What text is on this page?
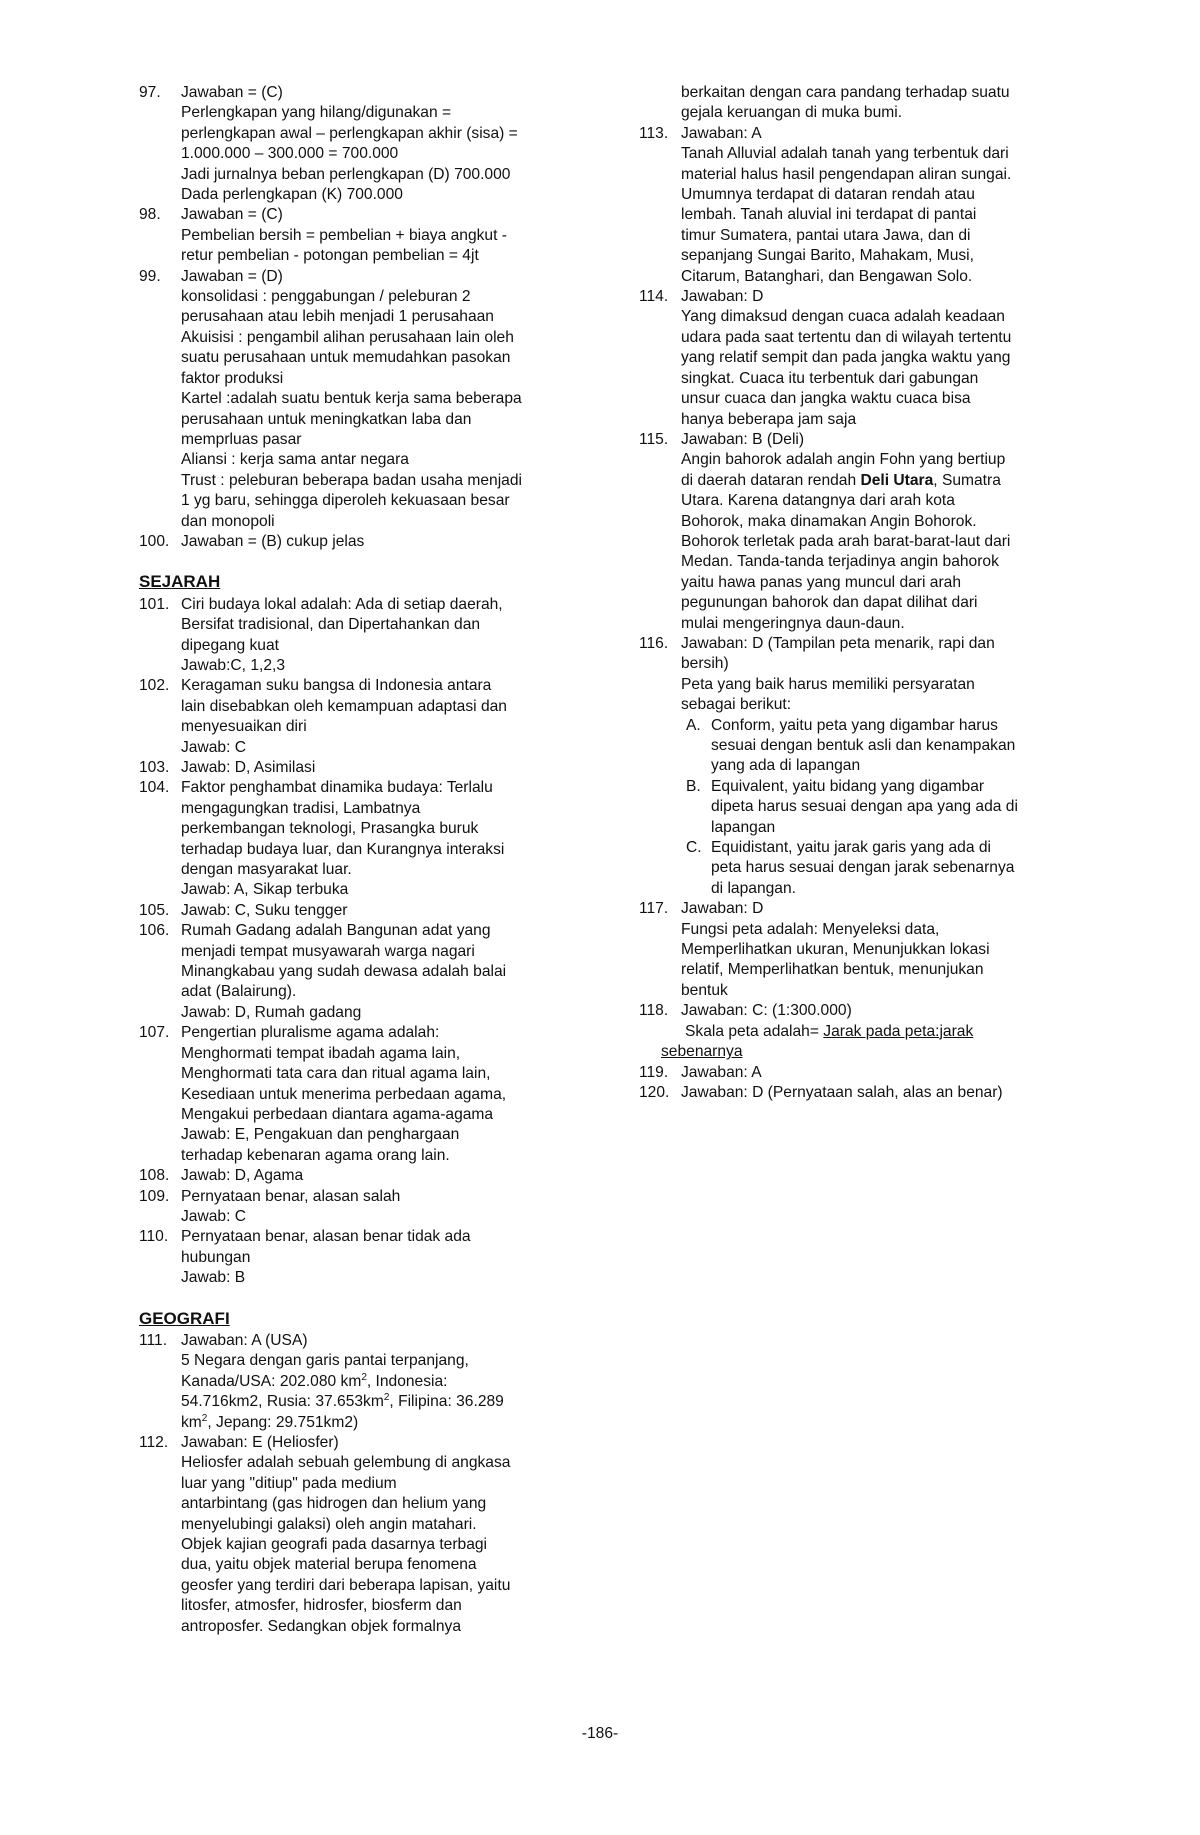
97. Jawaban = (C)
Perlengkapan yang hilang/digunakan =
perlengkapan awal – perlengkapan akhir (sisa) =
1.000.000 – 300.000 = 700.000
Jadi jurnalnya beban perlengkapan (D) 700.000
Dada perlengkapan (K) 700.000
98. Jawaban = (C)
Pembelian bersih = pembelian + biaya angkut -
retur pembelian - potongan pembelian = 4jt
99. Jawaban = (D)
konsolidasi : penggabungan / peleburan 2
perusahaan atau lebih menjadi 1 perusahaan
Akuisisi : pengambil alihan perusahaan lain oleh
suatu perusahaan untuk memudahkan pasokan
faktor produksi
Kartel :adalah suatu bentuk kerja sama beberapa
perusahaan untuk meningkatkan laba dan
memprluas pasar
Aliansi : kerja sama antar negara
Trust : peleburan beberapa badan usaha menjadi
1 yg baru, sehingga diperoleh kekuasaan besar
dan monopoli
100. Jawaban = (B) cukup jelas
SEJARAH
101. Ciri budaya lokal adalah: Ada di setiap daerah,
Bersifat tradisional, dan Dipertahankan dan
dipegang kuat
Jawab:C, 1,2,3
102. Keragaman suku bangsa di Indonesia antara
lain disebabkan oleh kemampuan adaptasi dan
menyesuaikan diri
Jawab: C
103. Jawab: D, Asimilasi
104. Faktor penghambat dinamika budaya: Terlalu
mengagungkan tradisi, Lambatnya
perkembangan teknologi, Prasangka buruk
terhadap budaya luar, dan Kurangnya interaksi
dengan masyarakat luar.
Jawab: A, Sikap terbuka
105. Jawab: C, Suku tengger
106. Rumah Gadang adalah Bangunan adat yang
menjadi tempat musyawarah warga nagari
Minangkabau yang sudah dewasa adalah balai
adat (Balairung).
Jawab: D, Rumah gadang
107. Pengertian pluralisme agama adalah:
Menghormati tempat ibadah agama lain,
Menghormati tata cara dan ritual agama lain,
Kesediaan untuk menerima perbedaan agama,
Mengakui perbedaan diantara agama-agama
Jawab: E, Pengakuan dan penghargaan
terhadap kebenaran agama orang lain.
108. Jawab: D, Agama
109. Pernyataan benar, alasan salah
Jawab: C
110. Pernyataan benar, alasan benar tidak ada
hubungan
Jawab: B
GEOGRAFI
111. Jawaban: A (USA)
5 Negara dengan garis pantai terpanjang,
Kanada/USA: 202.080 $km^2$, Indonesia:
54.716km2, Rusia: $37.653km^2$, Filipina: 36.289
$km^2$, Jepang: 29.751km2)
112. Jawaban: E (Heliosfer)
Heliosfer adalah sebuah gelembung di angkasa
luar yang "ditiup" pada medium
antarbintang (gas hidrogen dan helium yang
menyelubingi galaksi) oleh angin matahari.
Objek kajian geografi pada dasarnya terbagi
dua, yaitu objek material berupa fenomena
geosfer yang terdiri dari beberapa lapisan, yaitu
litosfer, atmosfer, hidrosfer, biosferm dan
antroposfer. Sedangkan objek formalnya
berkaitan dengan cara pandang terhadap suatu
gejala keruangan di muka bumi.
113. Jawaban: A
Tanah Alluvial adalah tanah yang terbentuk dari
material halus hasil pengendapan aliran sungai.
Umumnya terdapat di dataran rendah atau
lembah. Tanah aluvial ini terdapat di pantai
timur Sumatera, pantai utara Jawa, dan di
sepanjang Sungai Barito, Mahakam, Musi,
Citarum, Batanghari, dan Bengawan Solo.
114. Jawaban: D
Yang dimaksud dengan cuaca adalah keadaan
udara pada saat tertentu dan di wilayah tertentu
yang relatif sempit dan pada jangka waktu yang
singkat. Cuaca itu terbentuk dari gabungan
unsur cuaca dan jangka waktu cuaca bisa
hanya beberapa jam saja
115. Jawaban: B (Deli)
Angin bahorok adalah angin Fohn yang bertiup
di daerah dataran rendah Deli Utara, Sumatra
Utara. Karena datangnya dari arah kota
Bohorok, maka dinamakan Angin Bohorok.
Bohorok terletak pada arah barat-barat-laut dari
Medan. Tanda-tanda terjadinya angin bahorok
yaitu hawa panas yang muncul dari arah
pegunungan bahorok dan dapat dilihat dari
mulai mengeringnya daun-daun.
116. Jawaban: D (Tampilan peta menarik, rapi dan
bersih)
Peta yang baik harus memiliki persyaratan
sebagai berikut:
A. Conform, yaitu peta yang digambar harus
sesuai dengan bentuk asli dan kenampakan
yang ada di lapangan
B. Equivalent, yaitu bidang yang digambar
dipeta harus sesuai dengan apa yang ada di
lapangan
C. Equidistant, yaitu jarak garis yang ada di
peta harus sesuai dengan jarak sebenarnya
di lapangan.
117. Jawaban: D
Fungsi peta adalah: Menyeleksi data,
Memperlihatkan ukuran, Menunjukkan lokasi
relatif, Memperlihatkan bentuk, menunjukan
bentuk
118. Jawaban: C: (1:300.000)
Skala peta adalah= Jarak pada peta:jarak
sebenarnya
119. Jawaban: A
120. Jawaban: D (Pernyataan salah, alas an benar)
-186-
